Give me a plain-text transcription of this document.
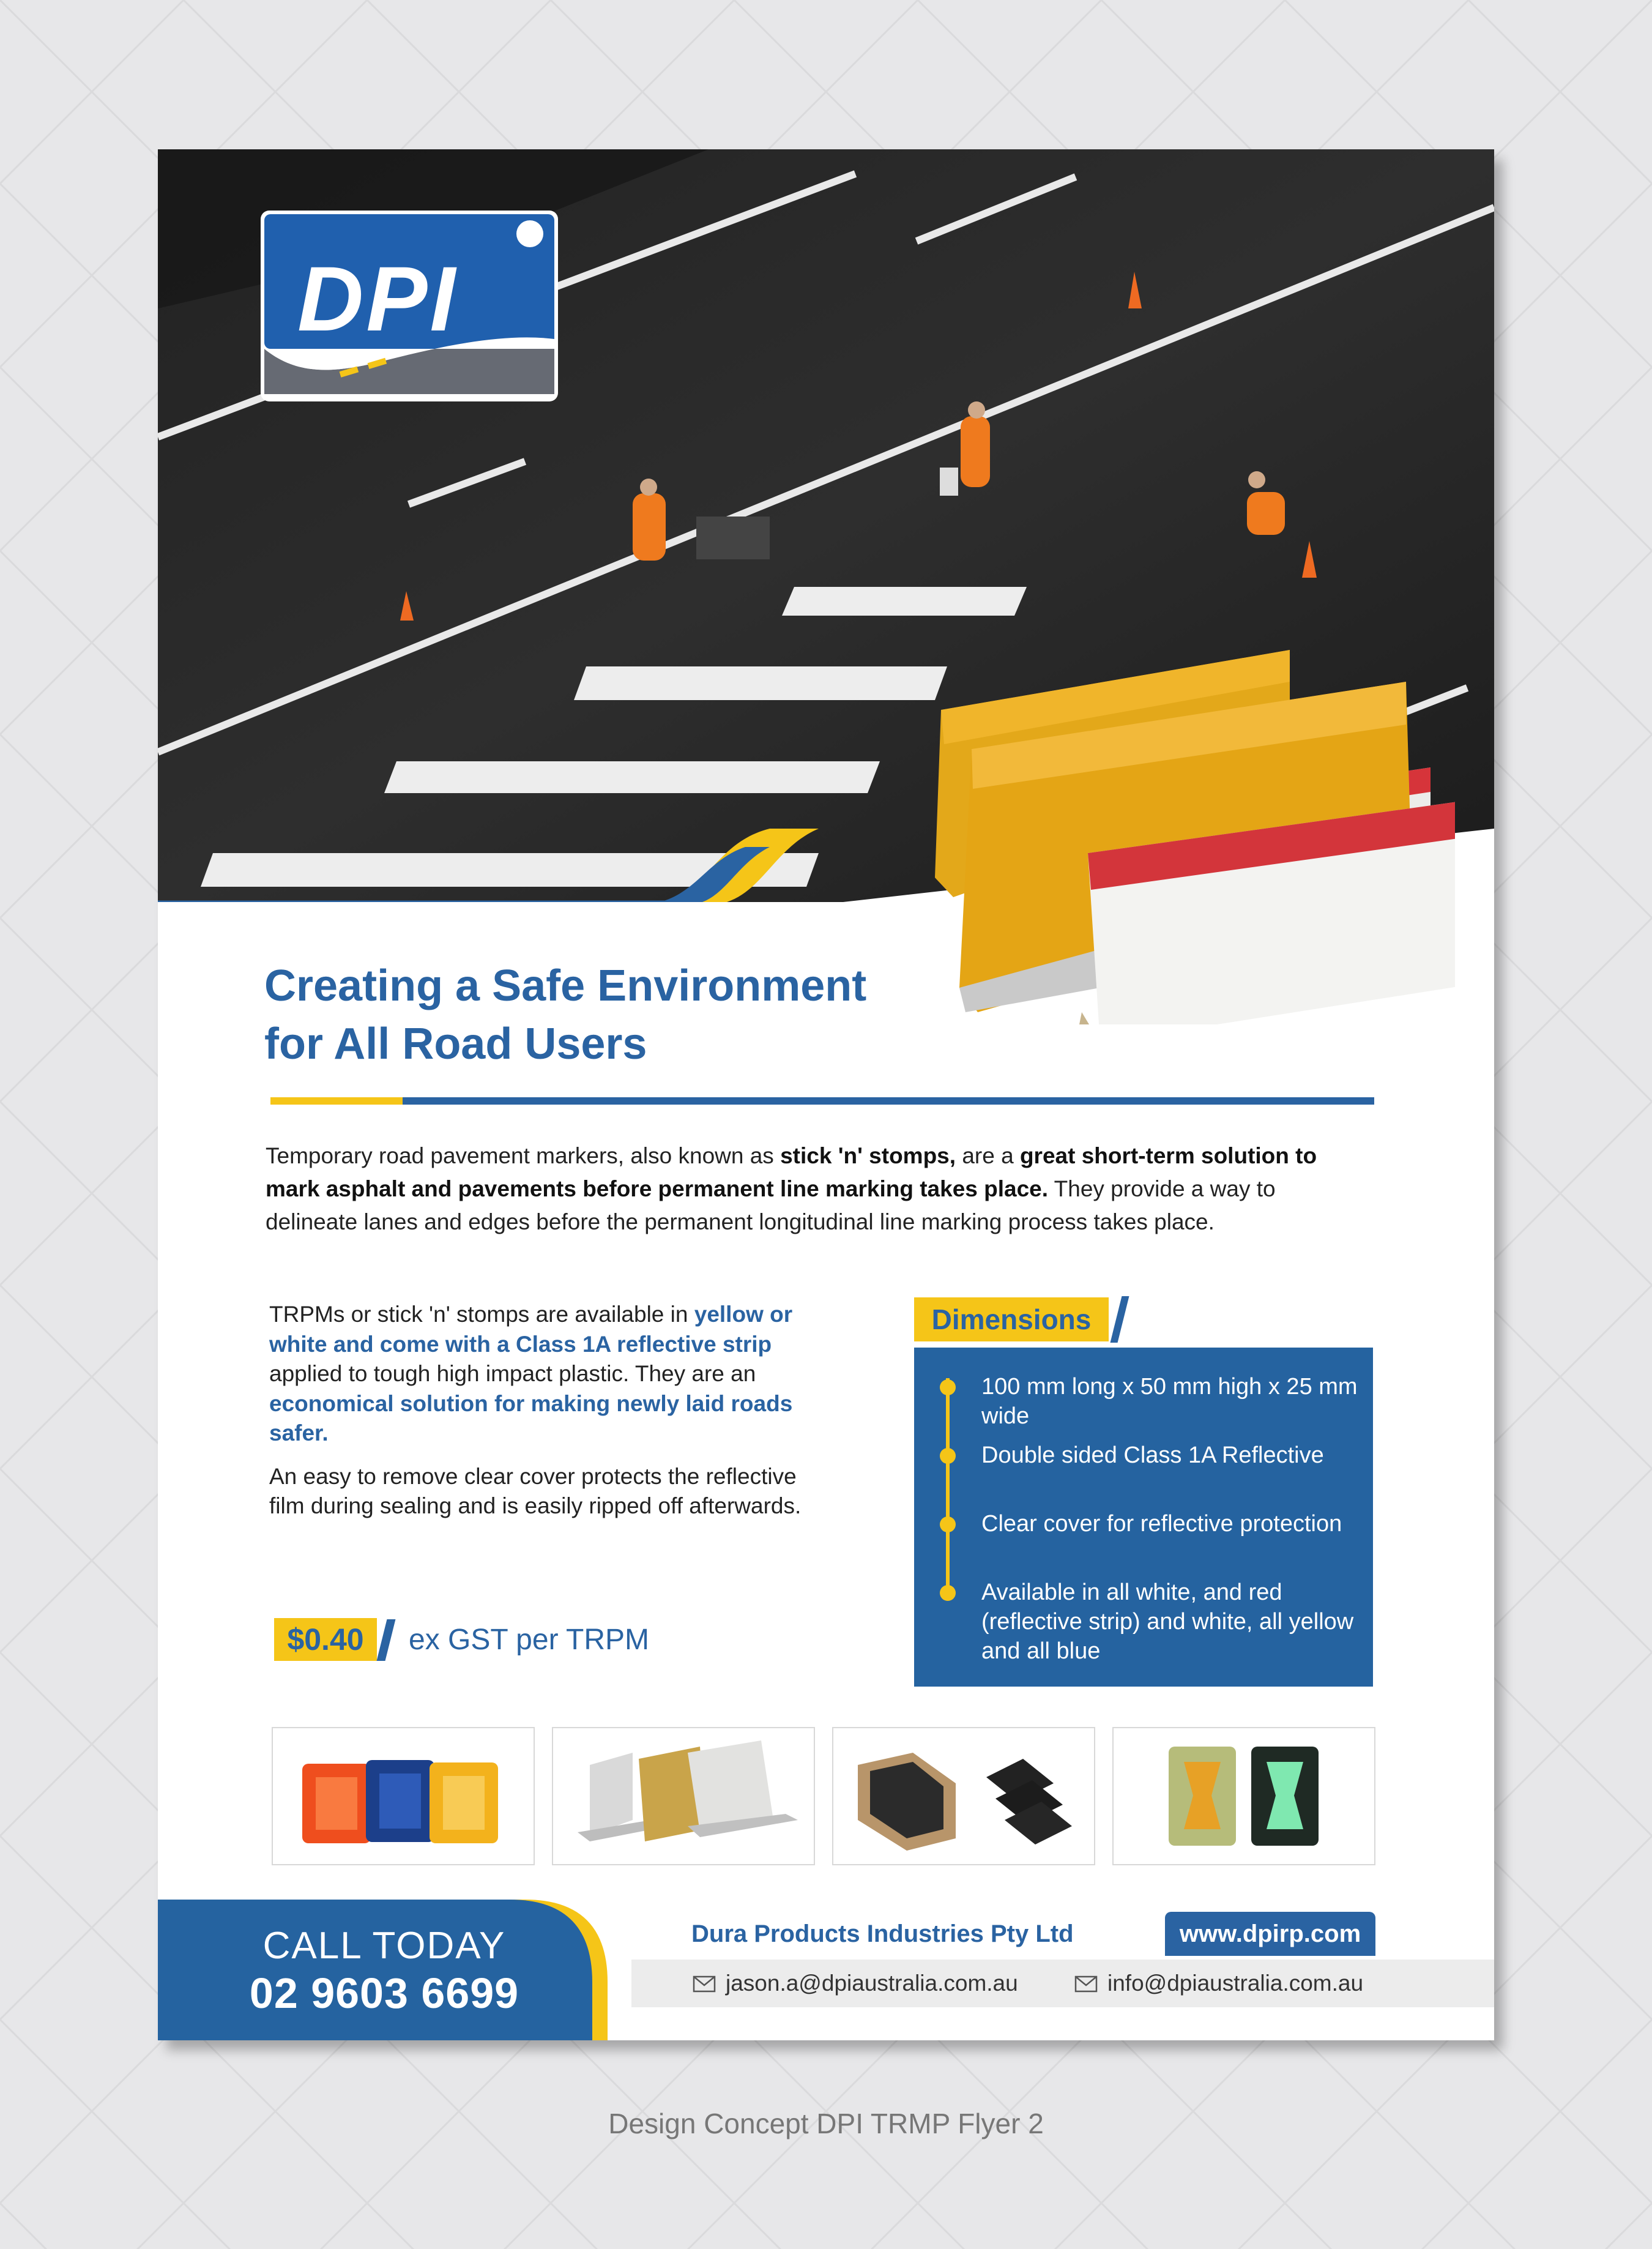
DPI
Creating a Safe Environment
for All Road Users

Temporary road pavement markers, also known as stick 'n' stomps, are a great short-term solution to mark asphalt and pavements before permanent line marking takes place. They provide a way to delineate lanes and edges before the permanent longitudinal line marking process takes place.

TRPMs or stick 'n' stomps are available in yellow or white and come with a Class 1A reflective strip applied to tough high impact plastic. They are an economical solution for making newly laid roads safer.

An easy to remove clear cover protects the reflective film during sealing and is easily ripped off afterwards.

$0.40	ex GST per TRPM
Dimensions
100 mm long x 50 mm high x 25 mm wide
Double sided Class 1A Reflective
Clear cover for reflective protection
Available in all white, and red (reflective strip) and white, all yellow and all blue
CALL TODAY
02 9603 6699
Dura Products Industries Pty Ltd	www.dpirp.com
jason.a@dpiaustralia.com.au	info@dpiaustralia.com.au
Design Concept DPI TRMP Flyer 2
